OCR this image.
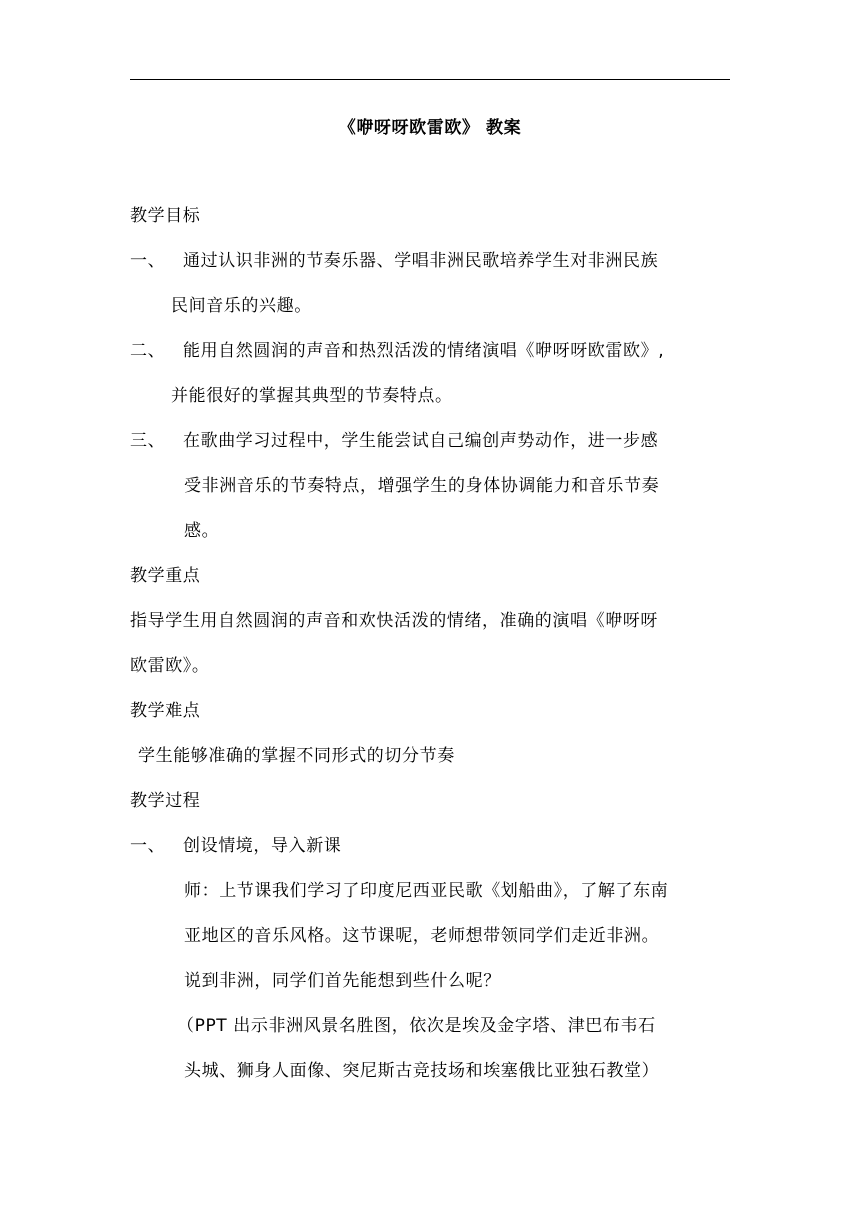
《咿呀呀欧雷欧》 教案
教学目标
一、 通过认识非洲的节奏乐器、学唱非洲民歌培养学生对非洲民族
民间音乐的兴趣。
二、 能用自然圆润的声音和热烈活泼的情绪演唱《咿呀呀欧雷欧》,
并能很好的掌握其典型的节奏特点。
三、 在歌曲学习过程中，学生能尝试自己编创声势动作，进一步感
受非洲音乐的节奏特点，增强学生的身体协调能力和音乐节奏
感。
教学重点
指导学生用自然圆润的声音和欢快活泼的情绪，准确的演唱《咿呀呀
欧雷欧》。
教学难点
学生能够准确的掌握不同形式的切分节奏
教学过程
一、 创设情境，导入新课
师：上节课我们学习了印度尼西亚民歌《划船曲》，了解了东南
亚地区的音乐风格。这节课呢，老师想带领同学们走近非洲。
说到非洲，同学们首先能想到些什么呢？
（PPT 出示非洲风景名胜图，依次是埃及金字塔、津巴布韦石
头城、狮身人面像、突尼斯古竞技场和埃塞俄比亚独石教堂）
